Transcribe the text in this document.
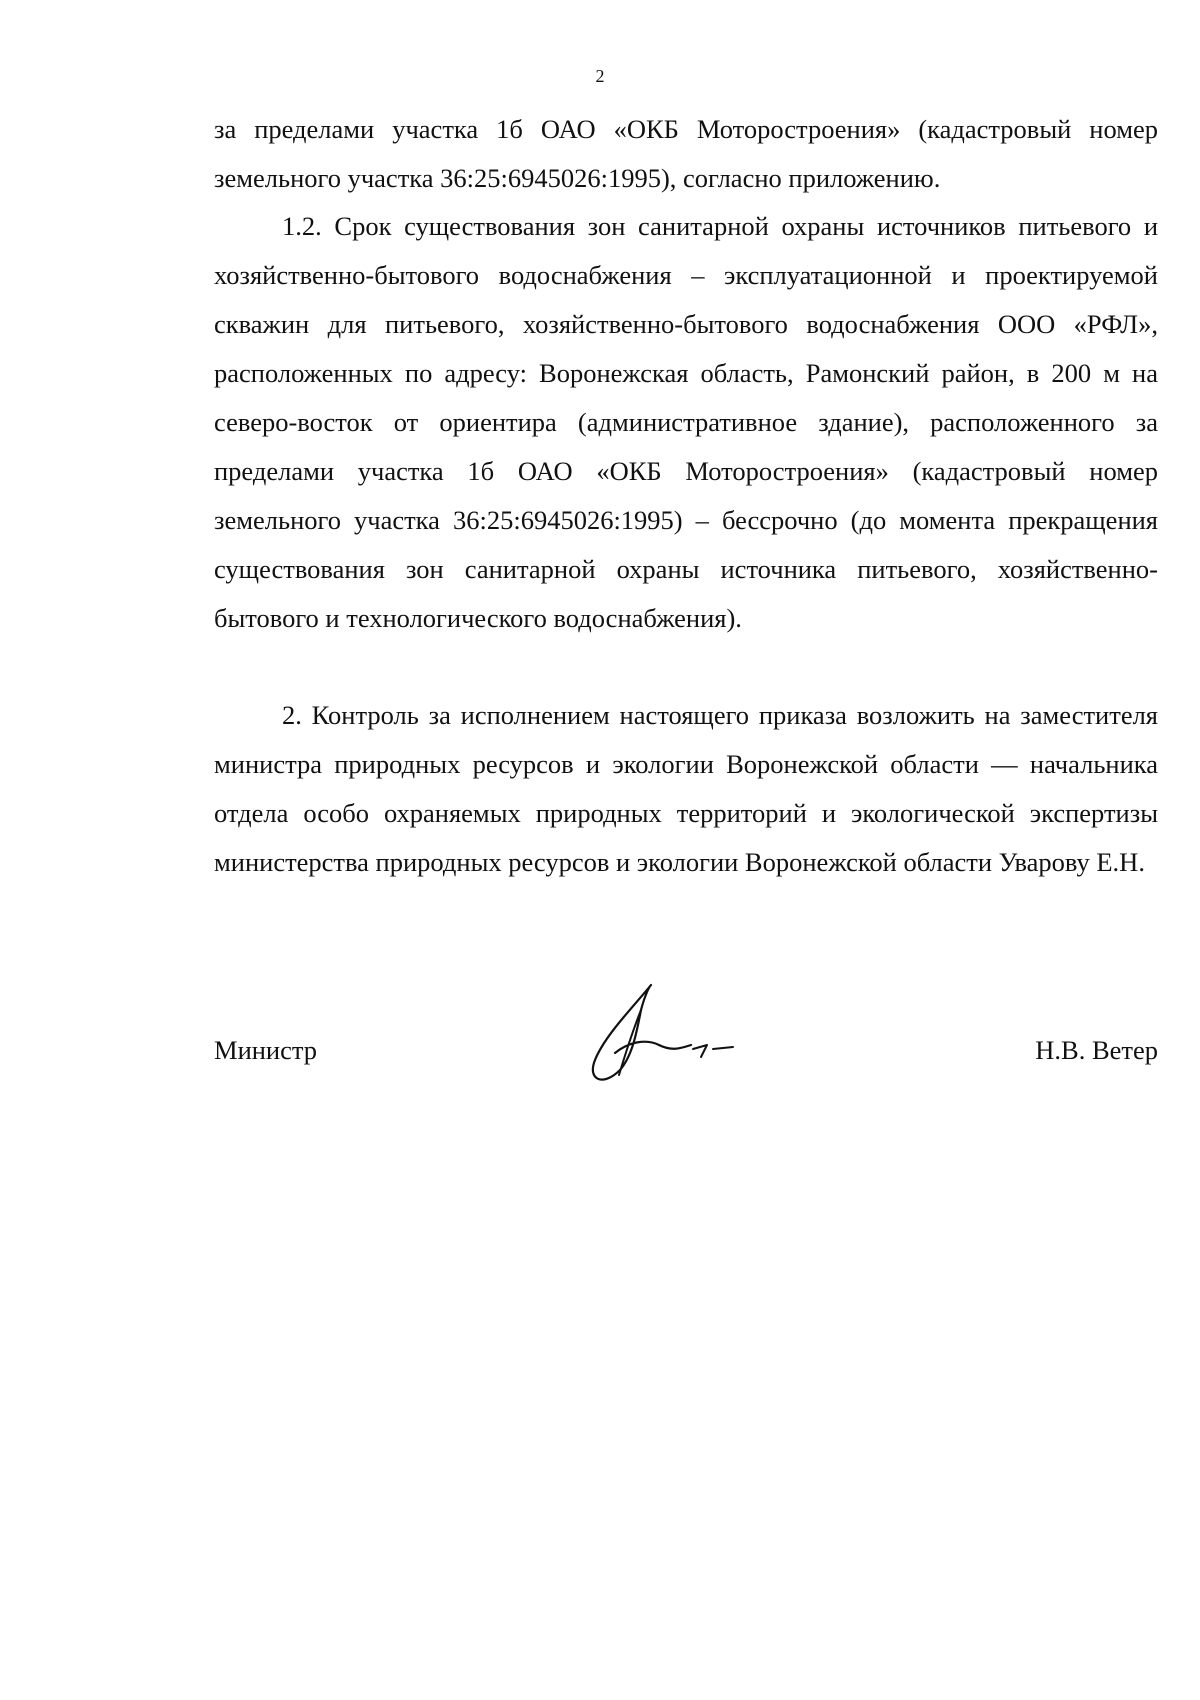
2
за пределами участка 1б ОАО «ОКБ Моторостроения» (кадастровый номер земельного участка 36:25:6945026:1995), согласно приложению.
1.2. Срок существования зон санитарной охраны источников питьевого и хозяйственно-бытового водоснабжения – эксплуатационной и проектируемой скважин для питьевого, хозяйственно-бытового водоснабжения ООО «РФЛ», расположенных по адресу: Воронежская область, Рамонский район, в 200 м на северо-восток от ориентира (административное здание), расположенного за пределами участка 1б ОАО «ОКБ Моторостроения» (кадастровый номер земельного участка 36:25:6945026:1995) – бессрочно (до момента прекращения существования зон санитарной охраны источника питьевого, хозяйственно-бытового и технологического водоснабжения).
2. Контроль за исполнением настоящего приказа возложить на заместителя министра природных ресурсов и экологии Воронежской области — начальника отдела особо охраняемых природных территорий и экологической экспертизы министерства природных ресурсов и экологии Воронежской области Уварову Е.Н.
Министр	Н.В. Ветер
